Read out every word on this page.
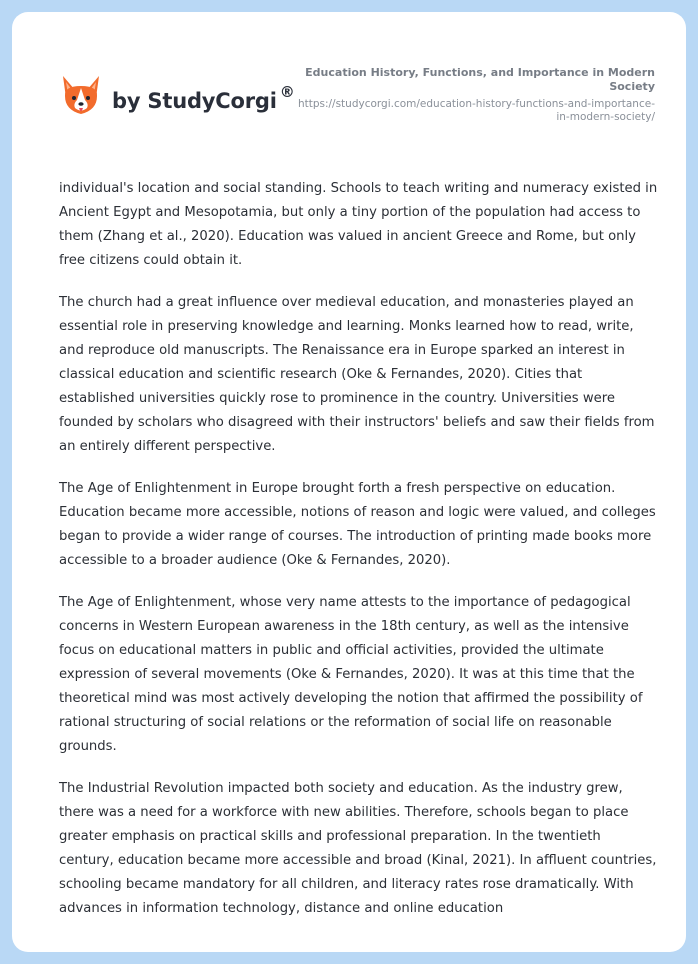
by StudyCorgi ®
Education History, Functions, and Importance in Modern Society
https://studycorgi.com/education-history-functions-and-importance-in-modern-society/

individual's location and social standing. Schools to teach writing and numeracy existed in Ancient Egypt and Mesopotamia, but only a tiny portion of the population had access to them (Zhang et al., 2020). Education was valued in ancient Greece and Rome, but only free citizens could obtain it.

The church had a great influence over medieval education, and monasteries played an essential role in preserving knowledge and learning. Monks learned how to read, write, and reproduce old manuscripts. The Renaissance era in Europe sparked an interest in classical education and scientific research (Oke & Fernandes, 2020). Cities that established universities quickly rose to prominence in the country. Universities were founded by scholars who disagreed with their instructors' beliefs and saw their fields from an entirely different perspective.

The Age of Enlightenment in Europe brought forth a fresh perspective on education. Education became more accessible, notions of reason and logic were valued, and colleges began to provide a wider range of courses. The introduction of printing made books more accessible to a broader audience (Oke & Fernandes, 2020).

The Age of Enlightenment, whose very name attests to the importance of pedagogical concerns in Western European awareness in the 18th century, as well as the intensive focus on educational matters in public and official activities, provided the ultimate expression of several movements (Oke & Fernandes, 2020). It was at this time that the theoretical mind was most actively developing the notion that affirmed the possibility of rational structuring of social relations or the reformation of social life on reasonable grounds.

The Industrial Revolution impacted both society and education. As the industry grew, there was a need for a workforce with new abilities. Therefore, schools began to place greater emphasis on practical skills and professional preparation. In the twentieth century, education became more accessible and broad (Kinal, 2021). In affluent countries, schooling became mandatory for all children, and literacy rates rose dramatically. With advances in information technology, distance and online education
